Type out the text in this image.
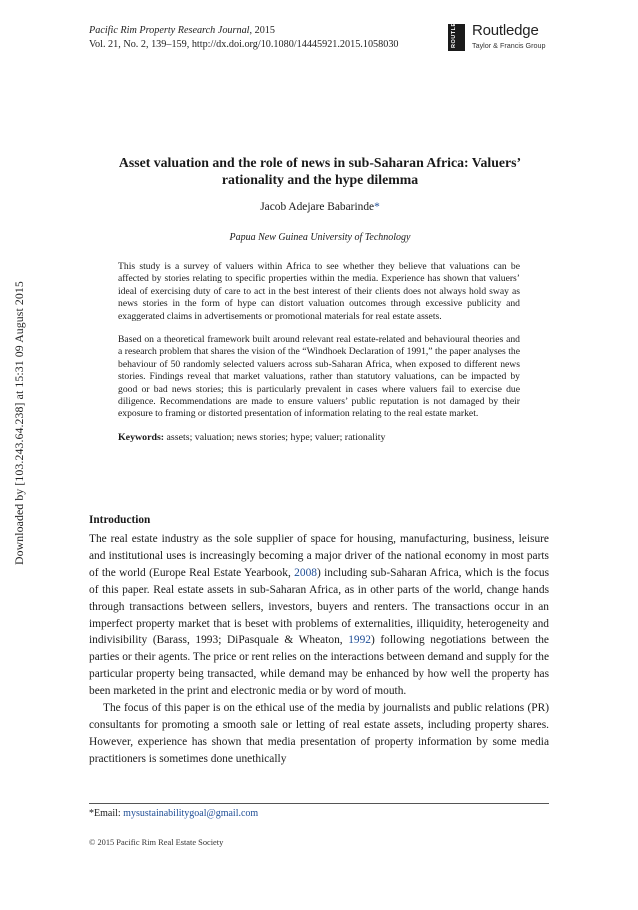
Downloaded by [103.243.64.238] at 15:31 09 August 2015
Pacific Rim Property Research Journal, 2015
Vol. 21, No. 2, 139–159, http://dx.doi.org/10.1080/14445921.2015.1058030	ROUTLEDGE Routledge
Taylor & Francis Group
Asset valuation and the role of news in sub-Saharan Africa: Valuers’
rationality and the hype dilemma
Jacob Adejare Babarinde*
Papua New Guinea University of Technology

This study is a survey of valuers within Africa to see whether they believe that valuations can be affected by stories relating to specific properties within the media. Experience has shown that valuers’ ideal of exercising duty of care to act in the best interest of their clients does not always hold sway as news stories in the form of hype can distort valuation outcomes through excessive publicity and exaggerated claims in advertisements or promotional materials for real estate assets.

Based on a theoretical framework built around relevant real estate-related and behavioural theories and a research problem that shares the vision of the “Windhoek Declaration of 1991,” the paper analyses the behaviour of 50 randomly selected valuers across sub-Saharan Africa, when exposed to different news stories. Findings reveal that market valuations, rather than statutory valuations, can be impacted by good or bad news stories; this is particularly prevalent in cases where valuers fail to exercise due diligence. Recommendations are made to ensure valuers’ public reputation is not damaged by their exposure to framing or distorted presentation of information relating to the real estate market.

Keywords: assets; valuation; news stories; hype; valuer; rationality
Introduction

The real estate industry as the sole supplier of space for housing, manufacturing, business, leisure and institutional uses is increasingly becoming a major driver of the national economy in most parts of the world (Europe Real Estate Yearbook, 2008) including sub-Saharan Africa, which is the focus of this paper. Real estate assets in sub-Saharan Africa, as in other parts of the world, change hands through transactions between sellers, investors, buyers and renters. The transactions occur in an imperfect property market that is beset with problems of externalities, illiquidity, heterogeneity and indivisibility (Barass, 1993; DiPasquale & Wheaton, 1992) following negotiations between the parties or their agents. The price or rent relies on the interactions between demand and supply for the particular property being transacted, while demand may be enhanced by how well the property has been marketed in the print and electronic media or by word of mouth.

The focus of this paper is on the ethical use of the media by journalists and public relations (PR) consultants for promoting a smooth sale or letting of real estate assets, including property shares. However, experience has shown that media presentation of property information by some media practitioners is sometimes done unethically

*Email: mysustainabilitygoal@gmail.com
© 2015 Pacific Rim Real Estate Society
